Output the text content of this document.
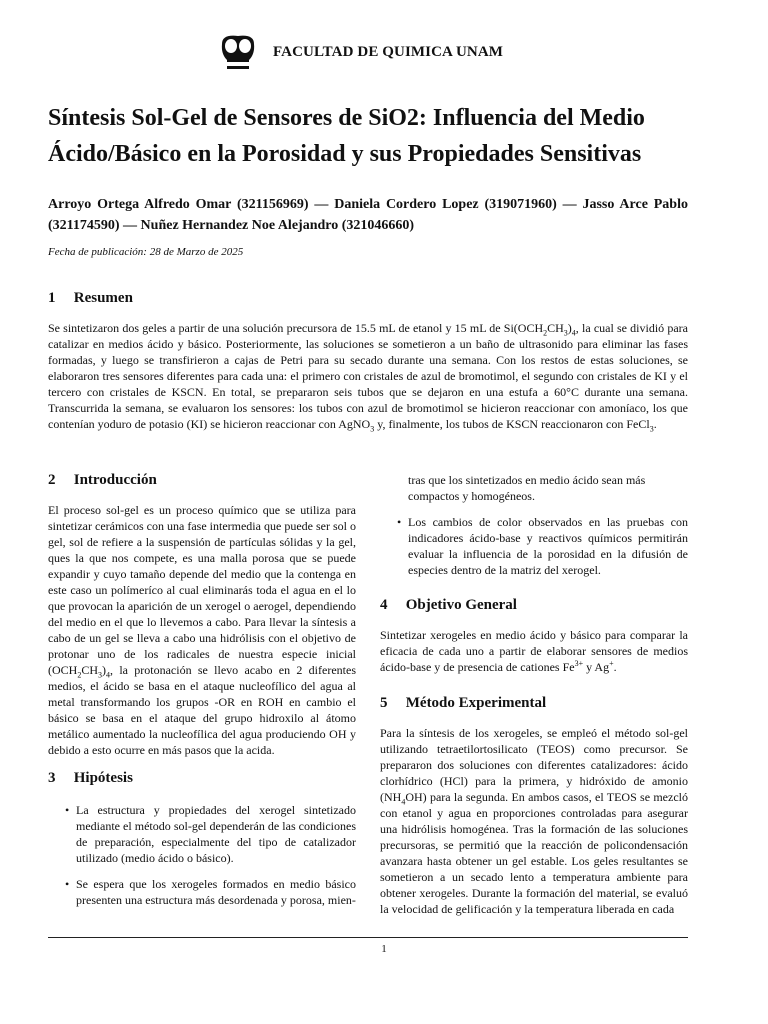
FACULTAD DE QUIMICA UNAM
Síntesis Sol-Gel de Sensores de SiO2: Influencia del Medio Ácido/Básico en la Porosidad y sus Propiedades Sensitivas

Arroyo Ortega Alfredo Omar (321156969) — Daniela Cordero Lopez (319071960) — Jasso Arce Pablo (321174590) — Nuñez Hernandez Noe Alejandro (321046660)

Fecha de publicación: 28 de Marzo de 2025
1 Resumen

Se sintetizaron dos geles a partir de una solución precursora de 15.5 mL de etanol y 15 mL de $Si(OCH_2CH_3)_4$, la cual se dividió para catalizar en medios ácido y básico. Posteriormente, las soluciones se sometieron a un baño de ultrasonido para eliminar las fases formadas, y luego se transfirieron a cajas de Petri para su secado durante una semana. Con los restos de estas soluciones, se elaboraron tres sensores diferentes para cada una: el primero con cristales de azul de bromotimol, el segundo con cristales de KI y el tercero con cristales de KSCN. En total, se prepararon seis tubos que se dejaron en una estufa a 60°C durante una semana. Transcurrida la semana, se evaluaron los sensores: los tubos con azul de bromotimol se hicieron reaccionar con amoníaco, los que contenían yoduro de potasio (KI) se hicieron reaccionar con AgNO$_3$ y, finalmente, los tubos de KSCN reaccionaron con FeCl$_3$.

2 Introducción

El proceso sol-gel es un proceso químico que se utiliza para sintetizar cerámicos con una fase intermedia que puede ser sol o gel, sol de refiere a la suspensión de partículas sólidas y la gel, ques la que nos compete, es una malla porosa que se puede expandir y cuyo tamaño depende del medio que la contenga en este caso un polímeríco al cual eliminarás toda el agua en el lo que provocan la aparición de un xerogel o aerogel, dependiendo del medio en el que lo llevemos a cabo. Para llevar la síntesis a cabo de un gel se lleva a cabo una hidrólisis con el objetivo de protonar uno de los radicales de nuestra especie inicial $(OCH_2CH_3)_4$, la protonación se llevo acabo en 2 diferentes medios, el ácido se basa en el ataque nucleofílico del agua al metal transformando los grupos -OR en ROH en cambio el básico se basa en el ataque del grupo hidroxilo al átomo metálico aumentado la nucleofílica del agua produciendo OH y debido a esto ocurre en más pasos que la acida.

3 Hipótesis
• La estructura y propiedades del xerogel sintetizado mediante el método sol-gel dependerán de las condiciones de preparación, especialmente del tipo de catalizador utilizado (medio ácido o básico).
• Se espera que los xerogeles formados en medio básico presenten una estructura más desordenada y porosa, mien-
tras que los sintetizados en medio ácido sean más compactos y homogéneos.
• Los cambios de color observados en las pruebas con indicadores ácido-base y reactivos químicos permitirán evaluar la influencia de la porosidad en la difusión de especies dentro de la matriz del xerogel.
4 Objetivo General

Sintetizar xerogeles en medio ácido y básico para comparar la eficacia de cada uno a partir de elaborar sensores de medios ácido-base y de presencia de cationes $Fe^{3+}$ y Ag+.

5 Método Experimental

Para la síntesis de los xerogeles, se empleó el método sol-gel utilizando tetraetilortosilicato (TEOS) como precursor. Se prepararon dos soluciones con diferentes catalizadores: ácido clorhídrico (HCl) para la primera, y hidróxido de amonio $(NH_4OH)$ para la segunda. En ambos casos, el TEOS se mezcló con etanol y agua en proporciones controladas para asegurar una hidrólisis homogénea. Tras la formación de las soluciones precursoras, se permitió que la reacción de policondensación avanzara hasta obtener un gel estable. Los geles resultantes se sometieron a un secado lento a temperatura ambiente para obtener xerogeles. Durante la formación del material, se evaluó la velocidad de gelificación y la temperatura liberada en cada

1
